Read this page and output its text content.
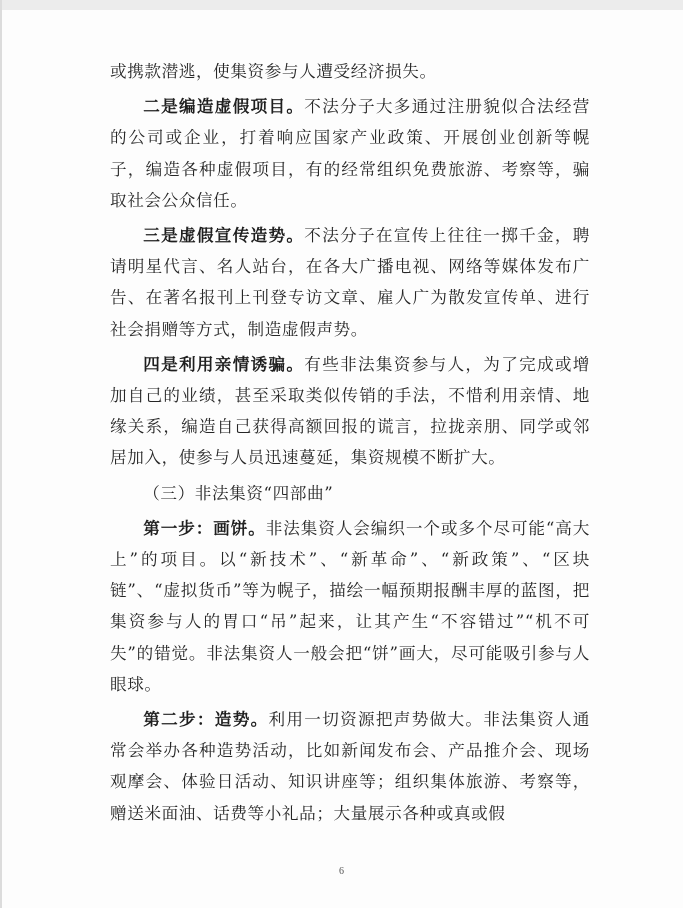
或携款潜逃，使集资参与人遭受经济损失。

二是编造虚假项目。不法分子大多通过注册貌似合法经营的公司或企业，打着响应国家产业政策、开展创业创新等幌子，编造各种虚假项目，有的经常组织免费旅游、考察等，骗取社会公众信任。

三是虚假宣传造势。不法分子在宣传上往往一掷千金，聘请明星代言、名人站台，在各大广播电视、网络等媒体发布广告、在著名报刊上刊登专访文章、雇人广为散发宣传单、进行社会捐赠等方式，制造虚假声势。

四是利用亲情诱骗。有些非法集资参与人，为了完成或增加自己的业绩，甚至采取类似传销的手法，不惜利用亲情、地缘关系，编造自己获得高额回报的谎言，拉拢亲朋、同学或邻居加入，使参与人员迅速蔓延，集资规模不断扩大。

（三）非法集资“四部曲”

第一步：画饼。非法集资人会编织一个或多个尽可能“高大上”的项目。以“新技术”、“新革命”、“新政策”、“区块链”、“虚拟货币”等为幌子，描绘一幅预期报酬丰厚的蓝图，把集资参与人的胃口“吊”起来，让其产生“不容错过”“机不可失”的错觉。非法集资人一般会把“饼”画大，尽可能吸引参与人眼球。

第二步：造势。利用一切资源把声势做大。非法集资人通常会举办各种造势活动，比如新闻发布会、产品推介会、现场观摩会、体验日活动、知识讲座等；组织集体旅游、考察等，赠送米面油、话费等小礼品；大量展示各种或真或假

6
